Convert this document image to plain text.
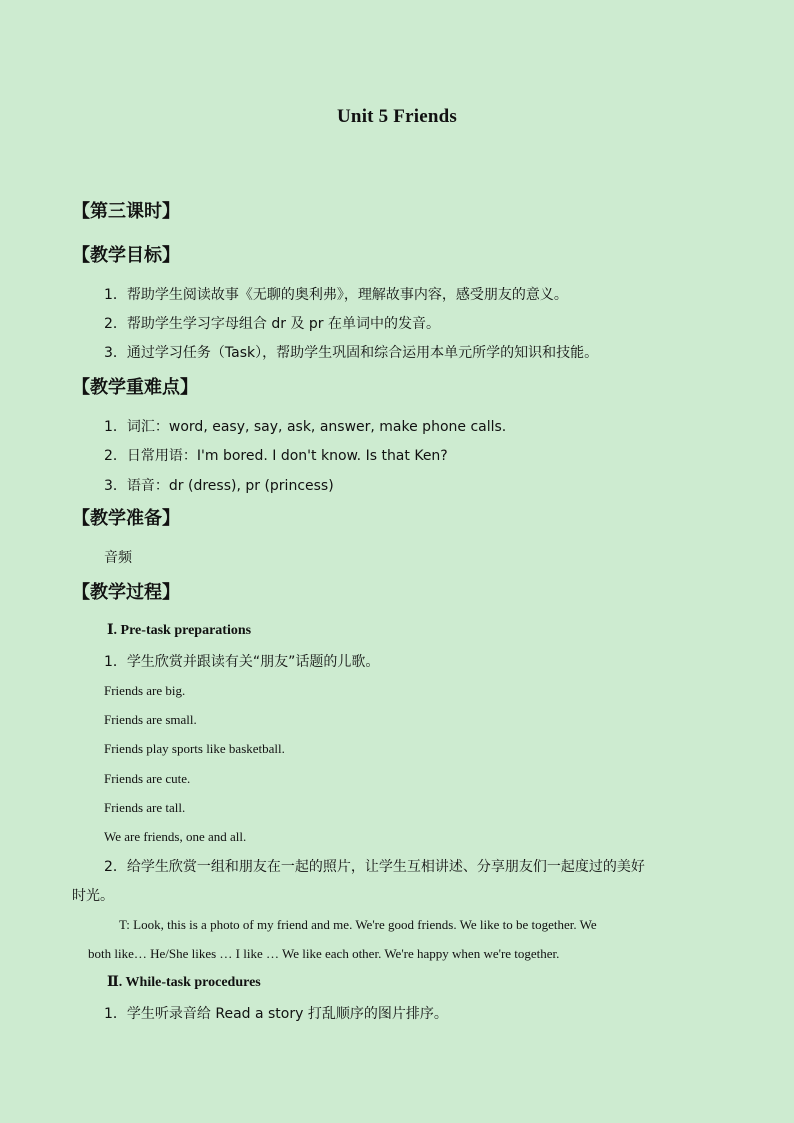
Unit 5 Friends
【第三课时】
【教学目标】
1．帮助学生阅读故事《无聊的奥利弗》，理解故事内容，感受朋友的意义。
2．帮助学生学习字母组合 dr 及 pr 在单词中的发音。
3．通过学习任务（Task），帮助学生巩固和综合运用本单元所学的知识和技能。
【教学重难点】
1．词汇：word, easy, say, ask, answer, make phone calls.
2．日常用语：I'm bored. I don't know. Is that Ken?
3．语音：dr (dress), pr (princess)
【教学准备】
音频
【教学过程】
Ⅰ. Pre-task preparations
1．学生欣赏并跟读有关“朋友”话题的儿歌。
Friends are big.
Friends are small.
Friends play sports like basketball.
Friends are cute.
Friends are tall.
We are friends, one and all.
2．给学生欣赏一组和朋友在一起的照片，让学生互相讲述、分享朋友们一起度过的美好
时光。
T: Look, this is a photo of my friend and me. We're good friends. We like to be together. We
both like… He/She likes … I like … We like each other. We're happy when we're together.
Ⅱ. While-task procedures
1．学生听录音给 Read a story 打乱顺序的图片排序。
